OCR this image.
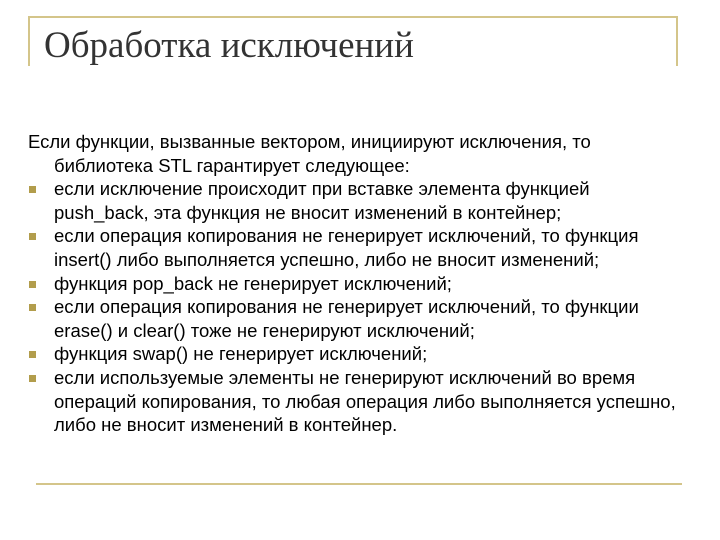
Обработка исключений

Если функции, вызванные вектором, инициируют исключения, то библиотека STL гарантирует следующее:

если исключение происходит при вставке элемента функцией push_back, эта функция не вносит изменений в контейнер;
если операция копирования не генерирует исключений, то функция insert() либо выполняется успешно, либо не вносит изменений;
функция pop_back не генерирует исключений;
если операция копирования не генерирует исключений, то функции erase() и clear() тоже не генерируют исключений;
функция swap() не генерирует исключений;
если используемые элементы не генерируют исключений во время операций копирования, то любая операция либо выполняется успешно, либо не вносит изменений в контейнер.
